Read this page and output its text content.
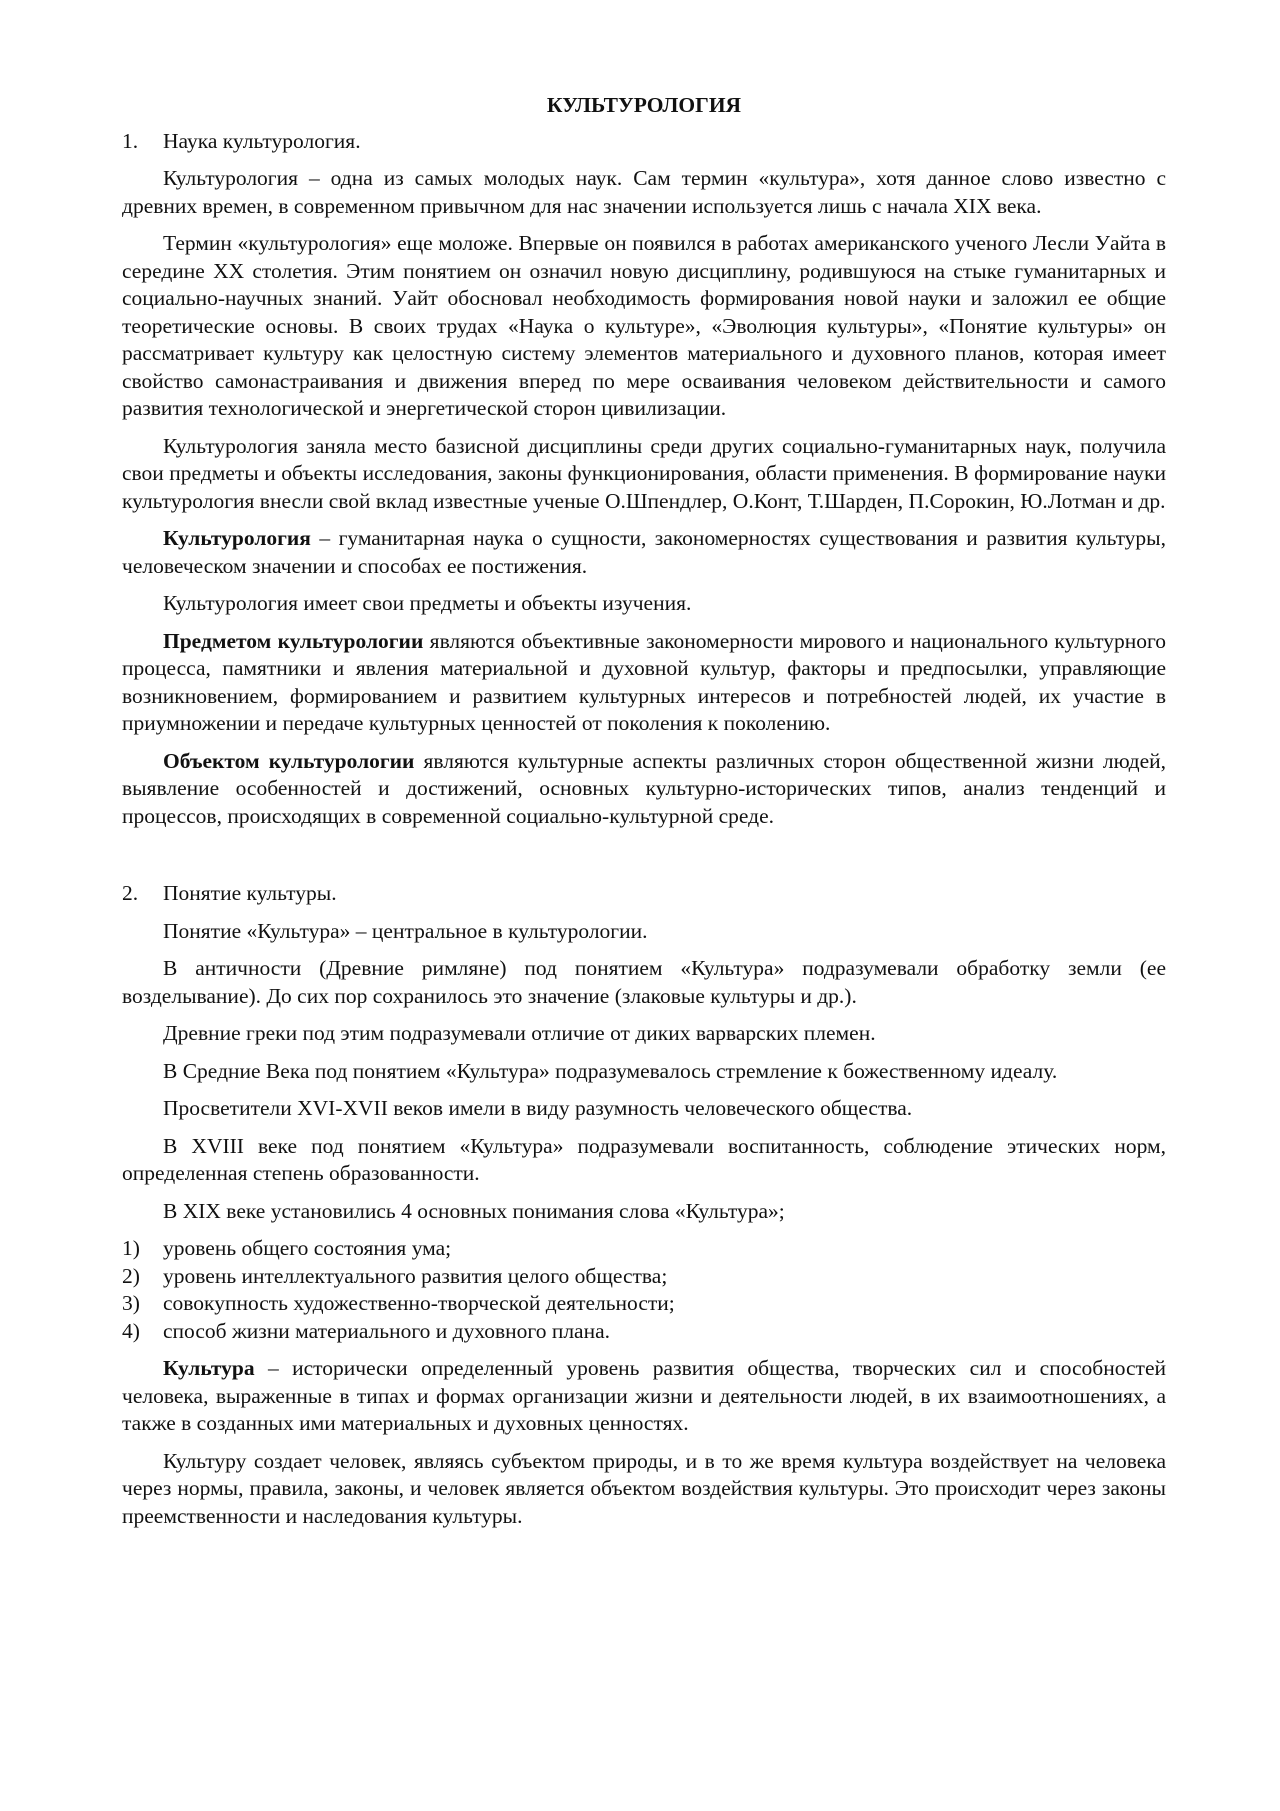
КУЛЬТУРОЛОГИЯ
1.	Наука культурология.

Культурология – одна из самых молодых наук. Сам термин «культура», хотя данное слово известно с древних времен, в современном привычном для нас значении используется лишь с начала XIX века.

Термин «культурология» еще моложе. Впервые он появился в работах американского ученого Лесли Уайта в середине XX столетия. Этим понятием он означил новую дисциплину, родившуюся на стыке гуманитарных и социально-научных знаний. Уайт обосновал необходимость формирования новой науки и заложил ее общие теоретические основы. В своих трудах «Наука о культуре», «Эволюция культуры», «Понятие культуры» он рассматривает культуру как целостную систему элементов материального и духовного планов, которая имеет свойство самонастраивания и движения вперед по мере осваивания человеком действительности и самого развития технологической и энергетической сторон цивилизации.

Культурология заняла место базисной дисциплины среди других социально-гуманитарных наук, получила свои предметы и объекты исследования, законы функционирования, области применения. В формирование науки культурология внесли свой вклад известные ученые О.Шпендлер, О.Конт, Т.Шарден, П.Сорокин, Ю.Лотман и др.

Культурология – гуманитарная наука о сущности, закономерностях существования и развития культуры, человеческом значении и способах ее постижения.

Культурология имеет свои предметы и объекты изучения.

Предметом культурологии являются объективные закономерности мирового и национального культурного процесса, памятники и явления материальной и духовной культур, факторы и предпосылки, управляющие возникновением, формированием и развитием культурных интересов и потребностей людей, их участие в приумножении и передаче культурных ценностей от поколения к поколению.

Объектом культурологии являются культурные аспекты различных сторон общественной жизни людей, выявление особенностей и достижений, основных культурно-исторических типов, анализ тенденций и процессов, происходящих в современной социально-культурной среде.

2.	Понятие культуры.

Понятие «Культура» – центральное в культурологии.

В античности (Древние римляне) под понятием «Культура» подразумевали обработку земли (ее возделывание). До сих пор сохранилось это значение (злаковые культуры и др.).

Древние греки под этим подразумевали отличие от диких варварских племен.

В Средние Века под понятием «Культура» подразумевалось стремление к божественному идеалу.

Просветители XVI-XVII веков имели в виду разумность человеческого общества.

В XVIII веке под понятием «Культура» подразумевали воспитанность, соблюдение этических норм, определенная степень образованности.

В XIX веке установились 4 основных понимания слова «Культура»;

1)	уровень общего состояния ума;
2)	уровень интеллектуального развития целого общества;
3)	совокупность художественно-творческой деятельности;
4)	способ жизни материального и духовного плана.

Культура – исторически определенный уровень развития общества, творческих сил и способностей человека, выраженные в типах и формах организации жизни и деятельности людей, в их взаимоотношениях, а также в созданных ими материальных и духовных ценностях.

Культуру создает человек, являясь субъектом природы, и в то же время культура воздействует на человека через нормы, правила, законы, и человек является объектом воздействия культуры. Это происходит через законы преемственности и наследования культуры.
